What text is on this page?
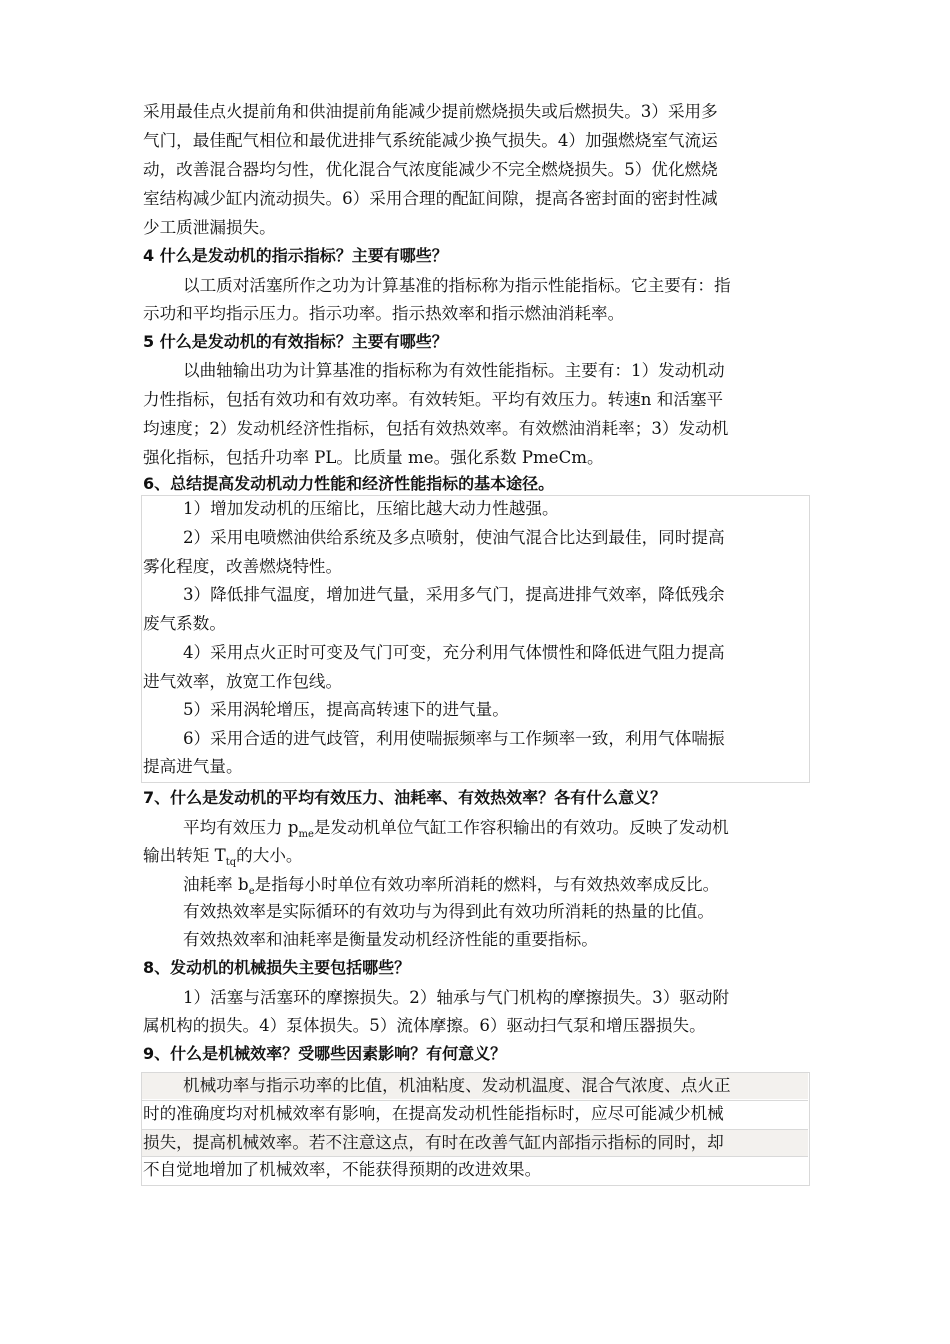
采用最佳点火提前角和供油提前角能减少提前燃烧损失或后燃损失。3）采用多
气门，最佳配气相位和最优进排气系统能减少换气损失。4）加强燃烧室气流运
动，改善混合器均匀性，优化混合气浓度能减少不完全燃烧损失。5）优化燃烧
室结构减少缸内流动损失。6）采用合理的配缸间隙，提高各密封面的密封性减
少工质泄漏损失。
4 什么是发动机的指示指标？主要有哪些？
以工质对活塞所作之功为计算基准的指标称为指示性能指标。它主要有：指
示功和平均指示压力。指示功率。指示热效率和指示燃油消耗率。
5 什么是发动机的有效指标？主要有哪些？
以曲轴输出功为计算基准的指标称为有效性能指标。主要有：1）发动机动
力性指标，包括有效功和有效功率。有效转矩。平均有效压力。转速n 和活塞平
均速度；2）发动机经济性指标，包括有效热效率。有效燃油消耗率；3）发动机
强化指标，包括升功率 PL。比质量 me。强化系数 PmeCm。
6、总结提高发动机动力性能和经济性能指标的基本途径。
1）增加发动机的压缩比，压缩比越大动力性越强。
2）采用电喷燃油供给系统及多点喷射，使油气混合比达到最佳，同时提高
雾化程度，改善燃烧特性。
3）降低排气温度，增加进气量，采用多气门，提高进排气效率，降低残余
废气系数。
4）采用点火正时可变及气门可变，充分利用气体惯性和降低进气阻力提高
进气效率，放宽工作包线。
5）采用涡轮增压，提高高转速下的进气量。
6）采用合适的进气歧管，利用使喘振频率与工作频率一致，利用气体喘振
提高进气量。
7、什么是发动机的平均有效压力、油耗率、有效热效率？各有什么意义？
平均有效压力 $p_{me}$是发动机单位气缸工作容积输出的有效功。反映了发动机
输出转矩 $T_{tq}$的大小。
油耗率 $b_e$是指每小时单位有效功率所消耗的燃料，与有效热效率成反比。
有效热效率是实际循环的有效功与为得到此有效功所消耗的热量的比值。
有效热效率和油耗率是衡量发动机经济性能的重要指标。
8、发动机的机械损失主要包括哪些？
1）活塞与活塞环的摩擦损失。2）轴承与气门机构的摩擦损失。3）驱动附
属机构的损失。4）泵体损失。5）流体摩擦。6）驱动扫气泵和增压器损失。
9、什么是机械效率？受哪些因素影响？有何意义？
机械功率与指示功率的比值，机油粘度、发动机温度、混合气浓度、点火正
时的准确度均对机械效率有影响，在提高发动机性能指标时，应尽可能减少机械
损失，提高机械效率。若不注意这点，有时在改善气缸内部指示指标的同时，却
不自觉地增加了机械效率，不能获得预期的改进效果。
